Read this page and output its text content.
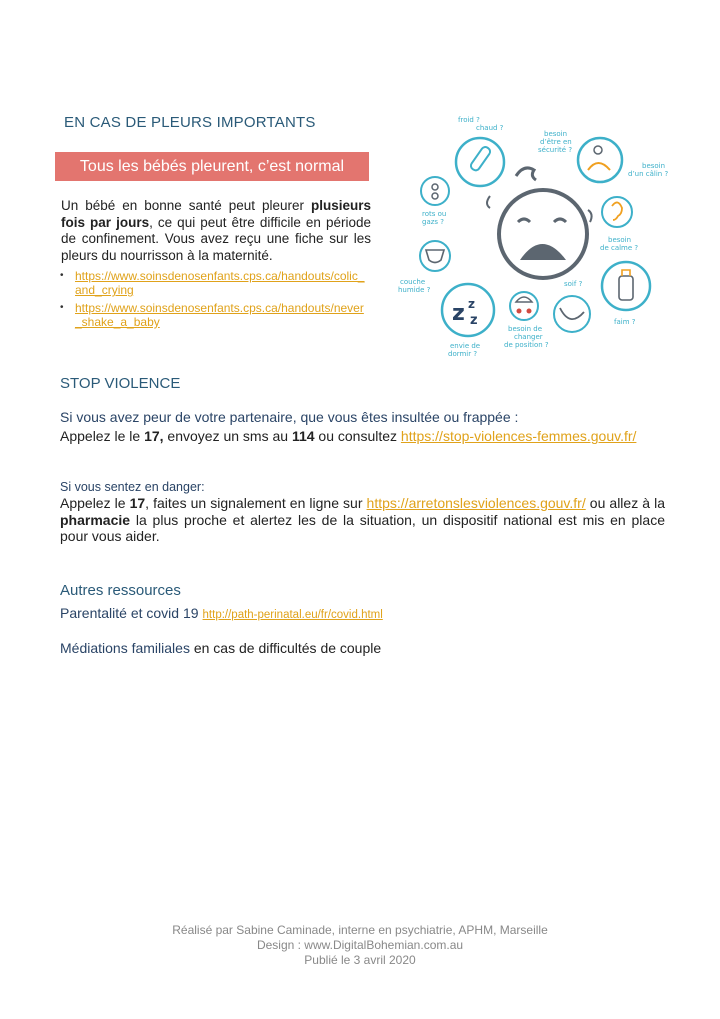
EN CAS DE PLEURS IMPORTANTS
Tous les bébés pleurent, c’est normal
Un bébé en bonne santé peut pleurer plusieurs fois par jours, ce qui peut être difficile en période de confinement. Vous avez reçu une fiche sur les pleurs du nourrisson à la maternité.
• https://www.soinsdenosenfants.cps.ca/handouts/colic_and_crying
• https://www.soinsdenosenfants.cps.ca/handouts/never_shake_a_baby
froid ?
chaud ?
besoin
d’être en
sécurité ?
besoin
d’un câlin ?
rots ou
gazs ?
besoin
de calme ?
couche
humide ?
soif ?
faim ?
z z
z
envie de
dormir ?
besoin de
changer
de position ?
STOP VIOLENCE
Si vous avez peur de votre partenaire, que vous êtes insultée ou frappée :
Appelez le le 17, envoyez un sms au 114 ou consultez https://stop-violences-femmes.gouv.fr/
Si vous sentez en danger:
Appelez le 17, faites un signalement en ligne sur https://arretonslesviolences.gouv.fr/ ou allez à la pharmacie la plus proche et alertez les de la situation, un dispositif national est mis en place pour vous aider.
Autres ressources
Parentalité et covid 19 http://path-perinatal.eu/fr/covid.html
Médiations familiales en cas de difficultés de couple
Réalisé par Sabine Caminade, interne en psychiatrie, APHM, Marseille
Design : www.DigitalBohemian.com.au
Publié le 3 avril 2020
